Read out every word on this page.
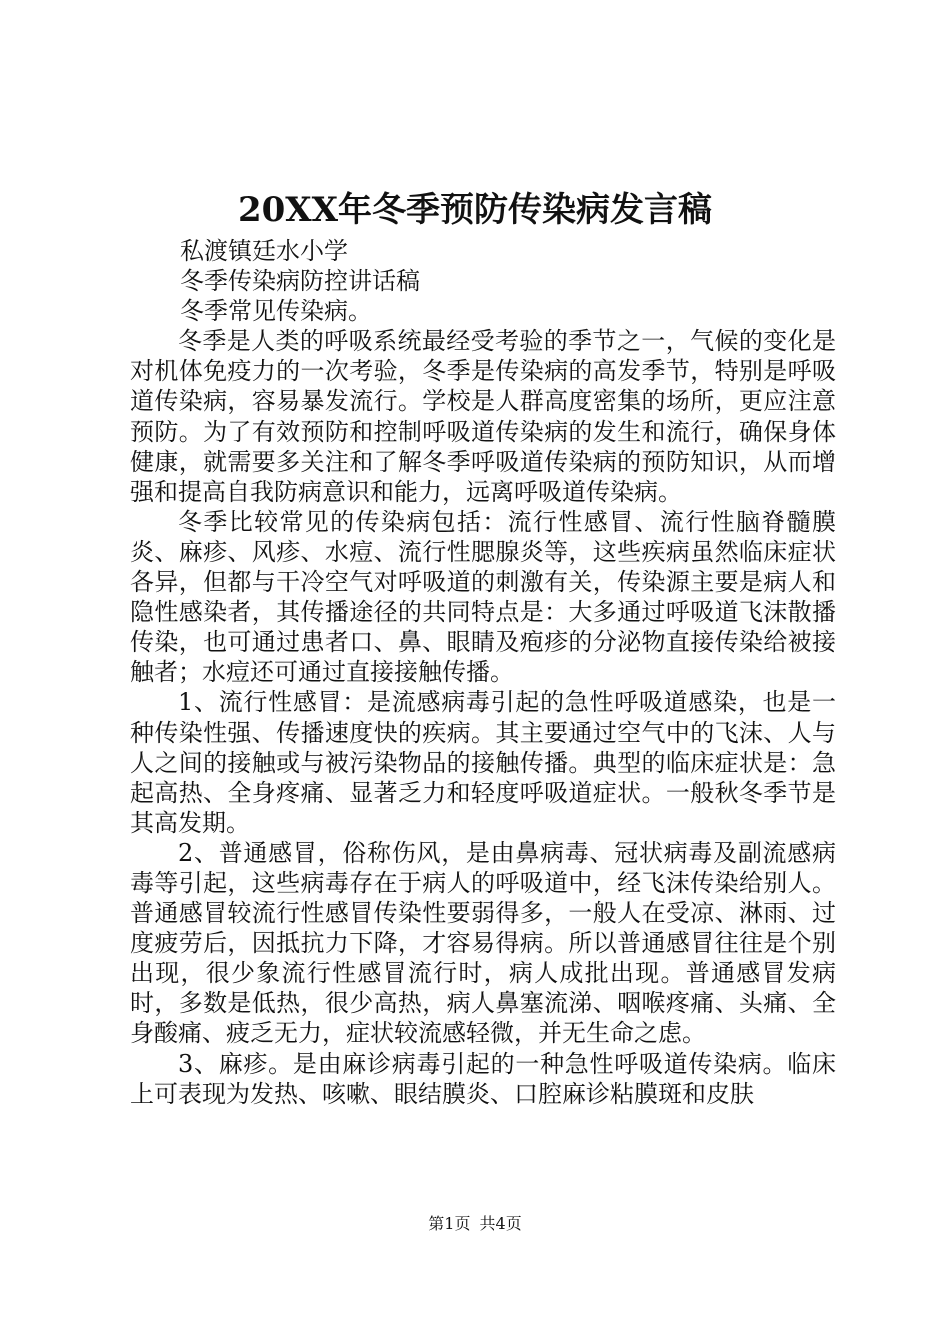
20XX年冬季预防传染病发言稿

私渡镇廷水小学

冬季传染病防控讲话稿

冬季常见传染病。

冬季是人类的呼吸系统最经受考验的季节之一，气候的变化是对机体免疫力的一次考验，冬季是传染病的高发季节，特别是呼吸道传染病，容易暴发流行。学校是人群高度密集的场所，更应注意预防。为了有效预防和控制呼吸道传染病的发生和流行，确保身体健康，就需要多关注和了解冬季呼吸道传染病的预防知识，从而增强和提高自我防病意识和能力，远离呼吸道传染病。

冬季比较常见的传染病包括：流行性感冒、流行性脑脊髓膜炎、麻疹、风疹、水痘、流行性腮腺炎等，这些疾病虽然临床症状各异，但都与干冷空气对呼吸道的刺激有关，传染源主要是病人和隐性感染者，其传播途径的共同特点是：大多通过呼吸道飞沫散播传染，也可通过患者口、鼻、眼睛及疱疹的分泌物直接传染给被接触者；水痘还可通过直接接触传播。

1、流行性感冒：是流感病毒引起的急性呼吸道感染，也是一种传染性强、传播速度快的疾病。其主要通过空气中的飞沫、人与人之间的接触或与被污染物品的接触传播。典型的临床症状是：急起高热、全身疼痛、显著乏力和轻度呼吸道症状。一般秋冬季节是其高发期。

2、普通感冒，俗称伤风，是由鼻病毒、冠状病毒及副流感病毒等引起，这些病毒存在于病人的呼吸道中，经飞沫传染给别人。普通感冒较流行性感冒传染性要弱得多，一般人在受凉、淋雨、过度疲劳后，因抵抗力下降，才容易得病。所以普通感冒往往是个别出现，很少象流行性感冒流行时，病人成批出现。普通感冒发病时，多数是低热，很少高热，病人鼻塞流涕、咽喉疼痛、头痛、全身酸痛、疲乏无力，症状较流感轻微，并无生命之虑。

3、麻疹。是由麻诊病毒引起的一种急性呼吸道传染病。临床上可表现为发热、咳嗽、眼结膜炎、口腔麻诊粘膜斑和皮肤

第1页 共4页
